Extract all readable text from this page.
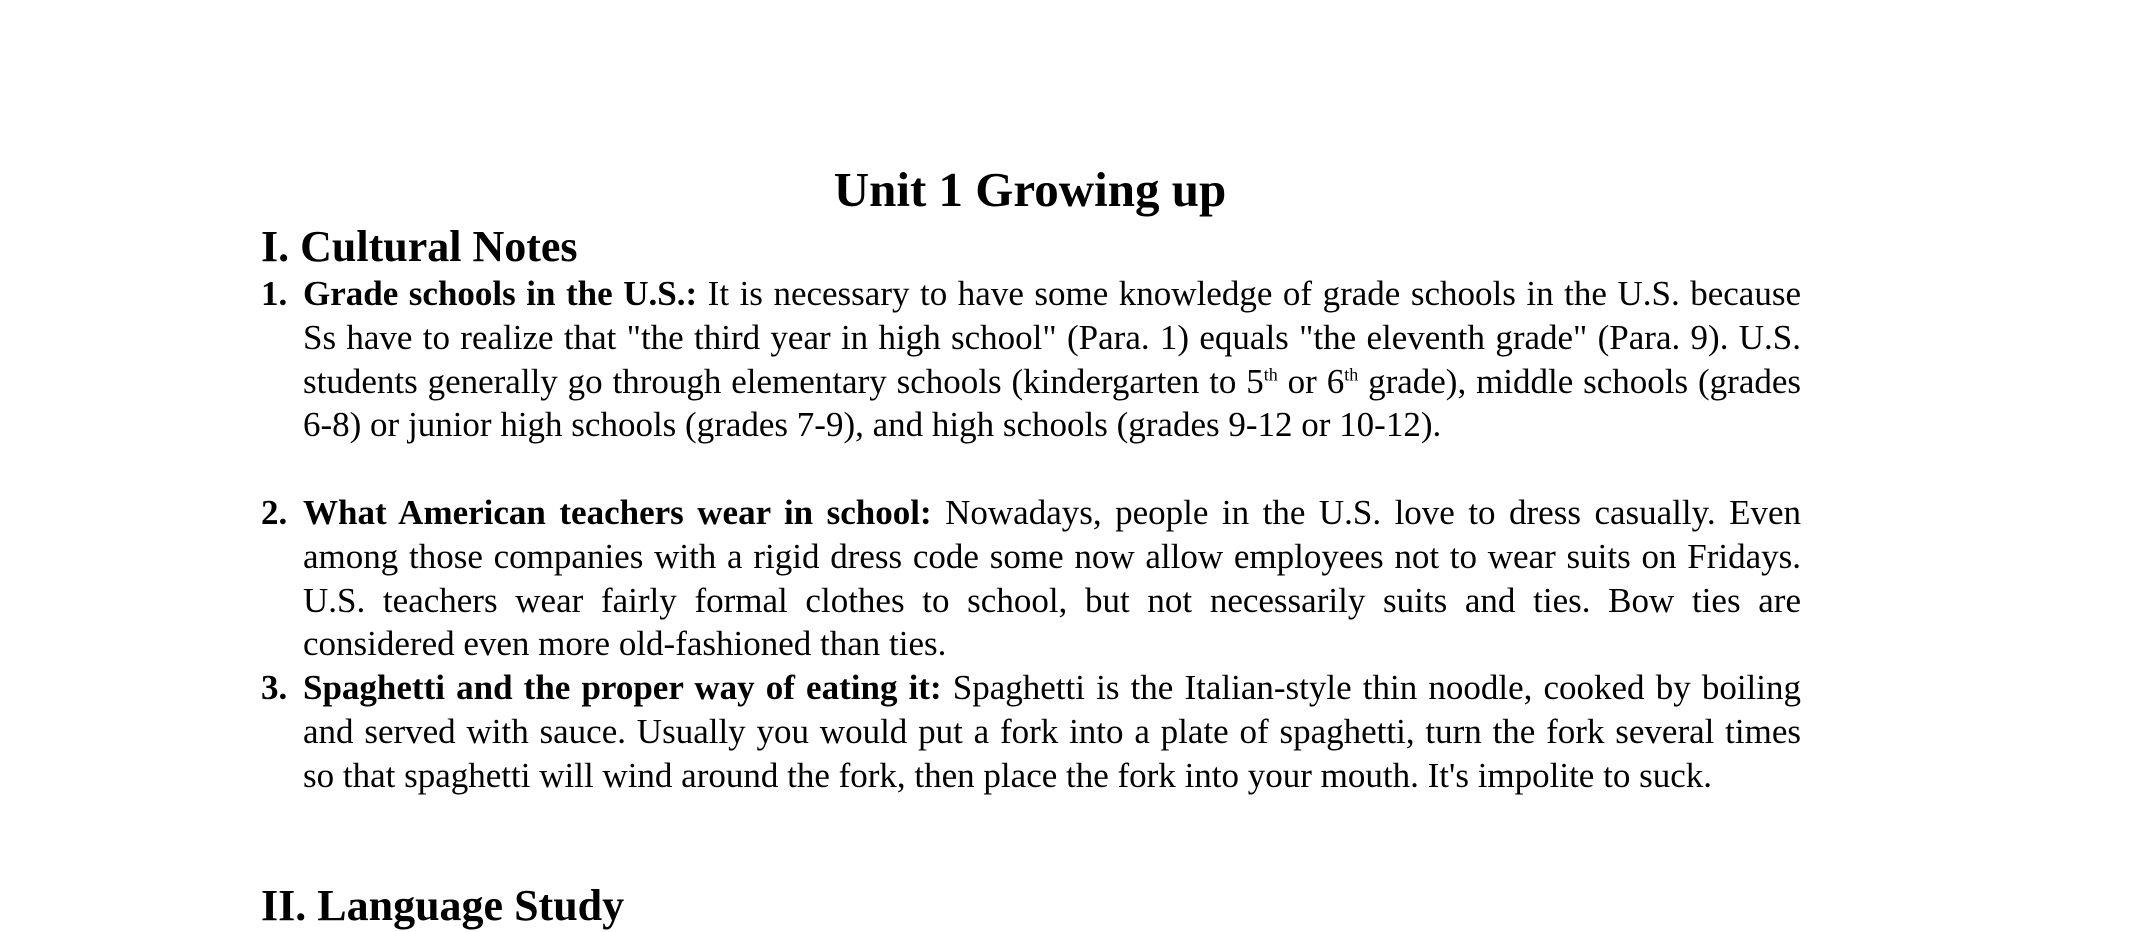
Unit 1 Growing up
I. Cultural Notes
1. Grade schools in the U.S.: It is necessary to have some knowledge of grade schools in the U.S. because Ss have to realize that "the third year in high school" (Para. 1) equals "the eleventh grade" (Para. 9). U.S. students generally go through elementary schools (kindergarten to 5th or 6th grade), middle schools (grades 6-8) or junior high schools (grades 7-9), and high schools (grades 9-12 or 10-12).
2. What American teachers wear in school: Nowadays, people in the U.S. love to dress casually. Even among those companies with a rigid dress code some now allow employees not to wear suits on Fridays. U.S. teachers wear fairly formal clothes to school, but not necessarily suits and ties. Bow ties are considered even more old-fashioned than ties.
3. Spaghetti and the proper way of eating it: Spaghetti is the Italian-style thin noodle, cooked by boiling and served with sauce. Usually you would put a fork into a plate of spaghetti, turn the fork several times so that spaghetti will wind around the fork, then place the fork into your mouth. It's impolite to suck.
II. Language Study
